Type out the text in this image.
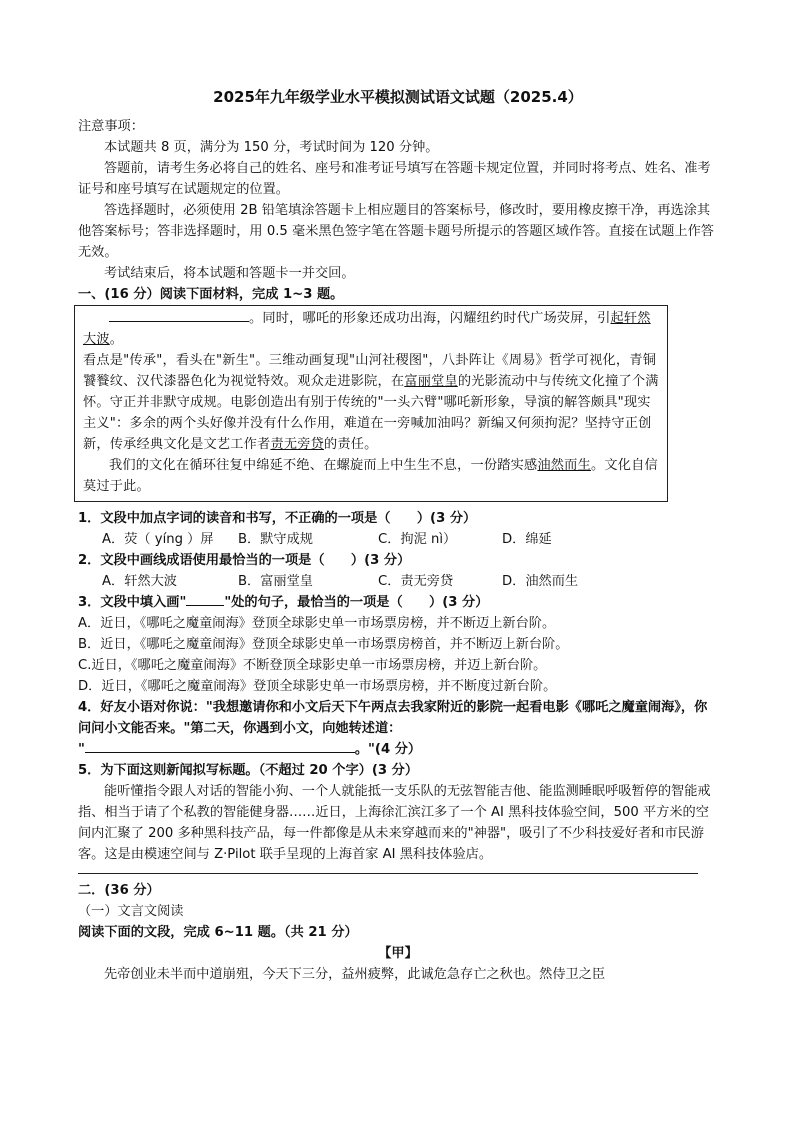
2025年九年级学业水平模拟测试语文试题（2025.4）

注意事项：

本试题共 8 页，满分为 150 分，考试时间为 120 分钟。

答题前，请考生务必将自己的姓名、座号和准考证号填写在答题卡规定位置，并同时将考点、姓名、准考证号和座号填写在试题规定的位置。

答选择题时，必须使用 2B 铅笔填涂答题卡上相应题目的答案标号，修改时，要用橡皮擦干净，再选涂其他答案标号；答非选择题时，用 0.5 毫米黑色签字笔在答题卡题号所提示的答题区域作答。直接在试题上作答无效。

考试结束后，将本试题和答题卡一并交回。

一、(16 分）阅读下面材料，完成 1~3 题。

。同时，哪吒的形象还成功出海，闪耀纽约时代广场荧屏，引起轩然大波。

看点是"传承"，看头在"新生"。三维动画复现"山河社稷图"，八卦阵让《周易》哲学可视化，青铜饕餮纹、汉代漆器色化为视觉特效。观众走进影院，在富丽堂皇的光影流动中与传统文化撞了个满怀。守正并非默守成规。电影创造出有别于传统的"一头六臂"哪吒新形象，导演的解答颇具"现实主义"：多余的两个头好像并没有什么作用，难道在一旁喊加油吗？新编又何须拘泥？坚持守正创新，传承经典文化是文艺工作者责无旁贷的责任。

我们的文化在循环往复中绵延不绝、在螺旋而上中生生不息，一份踏实感油然而生。文化自信莫过于此。

1．文段中加点字词的读音和书写，不正确的一项是（　　）(3 分）

A．荧（ yíng ）屏	B．默守成规	C．拘泥 nì）	D．绵延

2．文段中画线成语使用最恰当的一项是（　　）(3 分）

A．轩然大波	B．富丽堂皇	C．责无旁贷	D．油然而生

3．文段中填入画"	"处的句子，最恰当的一项是（　　）(3 分）

A．近日，《哪吒之魔童闹海》登顶全球影史单一市场票房榜，并不断迈上新台阶。

B．近日，《哪吒之魔童闹海》登顶全球影史单一市场票房榜首，并不断迈上新台阶。

C.近日，《哪吒之魔童闹海》不断登顶全球影史单一市场票房榜，并迈上新台阶。

D．近日，《哪吒之魔童闹海》登顶全球影史单一市场票房榜，并不断度过新台阶。

4．好友小语对你说："我想邀请你和小文后天下午两点去我家附近的影院一起看电影《哪吒之魔童闹海》，你问问小文能否来。"第二天，你遇到小文，向她转述道：

"	。"(4 分）

5．为下面这则新闻拟写标题。（不超过 20 个字）(3 分）

能听懂指令跟人对话的智能小狗、一个人就能抵一支乐队的无弦智能吉他、能监测睡眠呼吸暂停的智能戒指、相当于请了个私教的智能健身器……近日，上海徐汇滨江多了一个 AI 黑科技体验空间，500 平方米的空间内汇聚了 200 多种黑科技产品，每一件都像是从未来穿越而来的"神器"，吸引了不少科技爱好者和市民游客。这是由模速空间与 Z·Pilot 联手呈现的上海首家 AI 黑科技体验店。

二．(36 分）

（一）文言文阅读

阅读下面的文段，完成 6~11 题。（共 21 分）

【甲】

先帝创业未半而中道崩殂，今天下三分，益州疲弊，此诚危急存亡之秋也。然侍卫之臣
